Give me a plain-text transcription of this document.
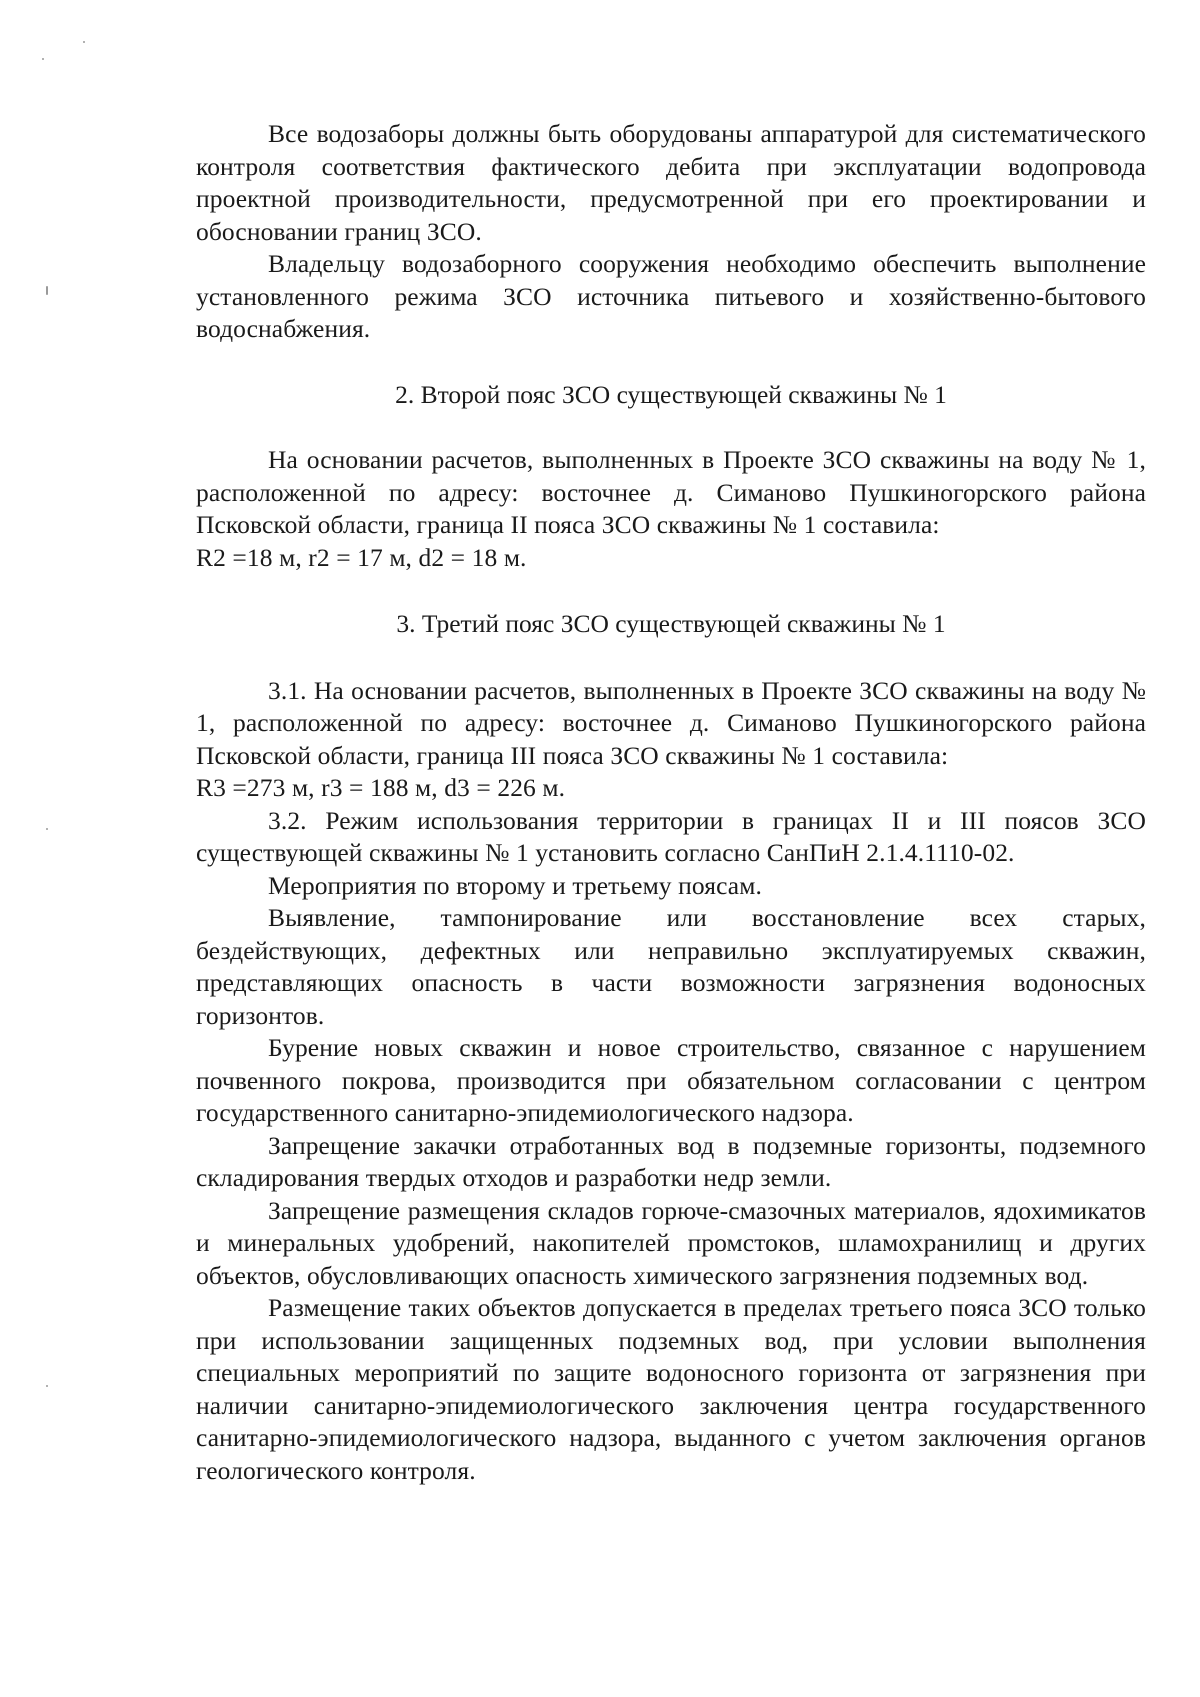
Все водозаборы должны быть оборудованы аппаратурой для систематического контроля соответствия фактического дебита при эксплуатации водопровода проектной производительности, предусмотренной при его проектировании и обосновании границ ЗСО.

Владельцу водозаборного сооружения необходимо обеспечить выполнение установленного режима ЗСО источника питьевого и хозяйственно-бытового водоснабжения.

2. Второй пояс ЗСО существующей скважины № 1

На основании расчетов, выполненных в Проекте ЗСО скважины на воду № 1, расположенной по адресу: восточнее д. Симаново Пушкиногорского района Псковской области, граница II пояса ЗСО скважины № 1 составила:

R2 =18 м, r2 = 17 м, d2 = 18 м.

3. Третий пояс ЗСО существующей скважины № 1

3.1. На основании расчетов, выполненных в Проекте ЗСО скважины на воду № 1, расположенной по адресу: восточнее д. Симаново Пушкиногорского района Псковской области, граница III пояса ЗСО скважины № 1 составила:

R3 =273 м, r3 = 188 м, d3 = 226 м.

3.2. Режим использования территории в границах II и III поясов ЗСО существующей скважины № 1 установить согласно СанПиН 2.1.4.1110-02.

Мероприятия по второму и третьему поясам.

Выявление, тампонирование или восстановление всех старых, бездействующих, дефектных или неправильно эксплуатируемых скважин, представляющих опасность в части возможности загрязнения водоносных горизонтов.

Бурение новых скважин и новое строительство, связанное с нарушением почвенного покрова, производится при обязательном согласовании с центром государственного санитарно-эпидемиологического надзора.

Запрещение закачки отработанных вод в подземные горизонты, подземного складирования твердых отходов и разработки недр земли.

Запрещение размещения складов горюче-смазочных материалов, ядохимикатов и минеральных удобрений, накопителей промстоков, шламохранилищ и других объектов, обусловливающих опасность химического загрязнения подземных вод.

Размещение таких объектов допускается в пределах третьего пояса ЗСО только при использовании защищенных подземных вод, при условии выполнения специальных мероприятий по защите водоносного горизонта от загрязнения при наличии санитарно-эпидемиологического заключения центра государственного санитарно-эпидемиологического надзора, выданного с учетом заключения органов геологического контроля.
